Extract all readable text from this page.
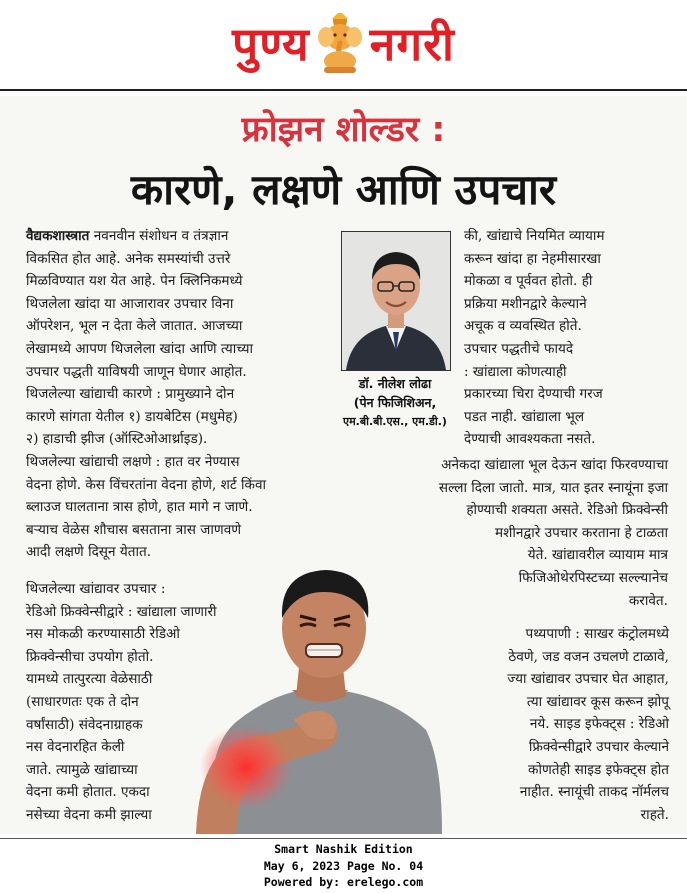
पुण्य नगरी
फ्रोझन शोल्डर :
कारणे, लक्षणे आणि उपचार
वैद्यकशास्त्रात नवनवीन संशोधन व तंत्रज्ञान
विकसित होत आहे. अनेक समस्यांची उत्तरे
मिळविण्यात यश येत आहे. पेन क्लिनिकमध्ये
थिजलेला खांदा या आजारावर उपचार विना
ऑपरेशन, भूल न देता केले जातात. आजच्या
लेखामध्ये आपण थिजलेला खांदा आणि त्याच्या
उपचार पद्धती याविषयी जाणून घेणार आहोत.
थिजलेल्या खांद्याची कारणे : प्रामुख्याने दोन
कारणे सांगता येतील १) डायबेटिस (मधुमेह)
२) हाडाची झीज (ऑस्टिओआर्थ्राइड).
थिजलेल्या खांद्याची लक्षणे : हात वर नेण्यास
वेदना होणे. केस विंचरतांना वेदना होणे, शर्ट किंवा
ब्लाउज घालताना त्रास होणे, हात मागे न जाणे.
बऱ्याच वेळेस शौचास बसताना त्रास जाणवणे
आदी लक्षणे दिसून येतात.
थिजलेल्या खांद्यावर उपचार :
रेडिओ फ्रिक्वेन्सीद्वारे : खांद्याला जाणारी
नस मोकळी करण्यासाठी रेडिओ
फ्रिक्वेन्सीचा उपयोग होतो.
यामध्ये तात्पुरत्या वेळेसाठी
(साधारणतः एक ते दोन
वर्षांसाठी) संवेदनाग्राहक
नस वेदनारहित केली
जाते. त्यामुळे खांद्याच्या
वेदना कमी होतात. एकदा
नसेच्या वेदना कमी झाल्या
डॉ. नीलेश लोढा
(पेन फिजिशिअन,
एम.बी.बी.एस., एम.डी.)
की, खांद्याचे नियमित व्यायाम
करून खांदा हा नेहमीसारखा
मोकळा व पूर्ववत होतो. ही
प्रक्रिया मशीनद्वारे केल्याने
अचूक व व्यवस्थित होते.
उपचार पद्धतीचे फायदे
: खांद्याला कोणत्याही
प्रकारच्या चिरा देण्याची गरज
पडत नाही. खांद्याला भूल
देण्याची आवश्यकता नसते.
अनेकदा खांद्याला भूल देऊन खांदा फिरवण्याचा
सल्ला दिला जातो. मात्र, यात इतर स्नायूंना इजा
होण्याची शक्यता असते. रेडिओ फ्रिक्वेन्सी
मशीनद्वारे उपचार करताना हे टाळता
येते. खांद्यावरील व्यायाम मात्र
फिजिओथेरपिस्टच्या सल्ल्यानेच
करावेत.
पथ्यपाणी : साखर कंट्रोलमध्ये
ठेवणे, जड वजन उचलणे टाळावे,
ज्या खांद्यावर उपचार घेत आहात,
त्या खांद्यावर कूस करून झोपू
नये. साइड इफेक्ट्स : रेडिओ
फ्रिक्वेन्सीद्वारे उपचार केल्याने
कोणतेही साइड इफेक्ट्स होत
नाहीत. स्नायूंची ताकद नॉर्मलच
राहते.
Smart Nashik Edition
May 6, 2023 Page No. 04
Powered by: erelego.com
